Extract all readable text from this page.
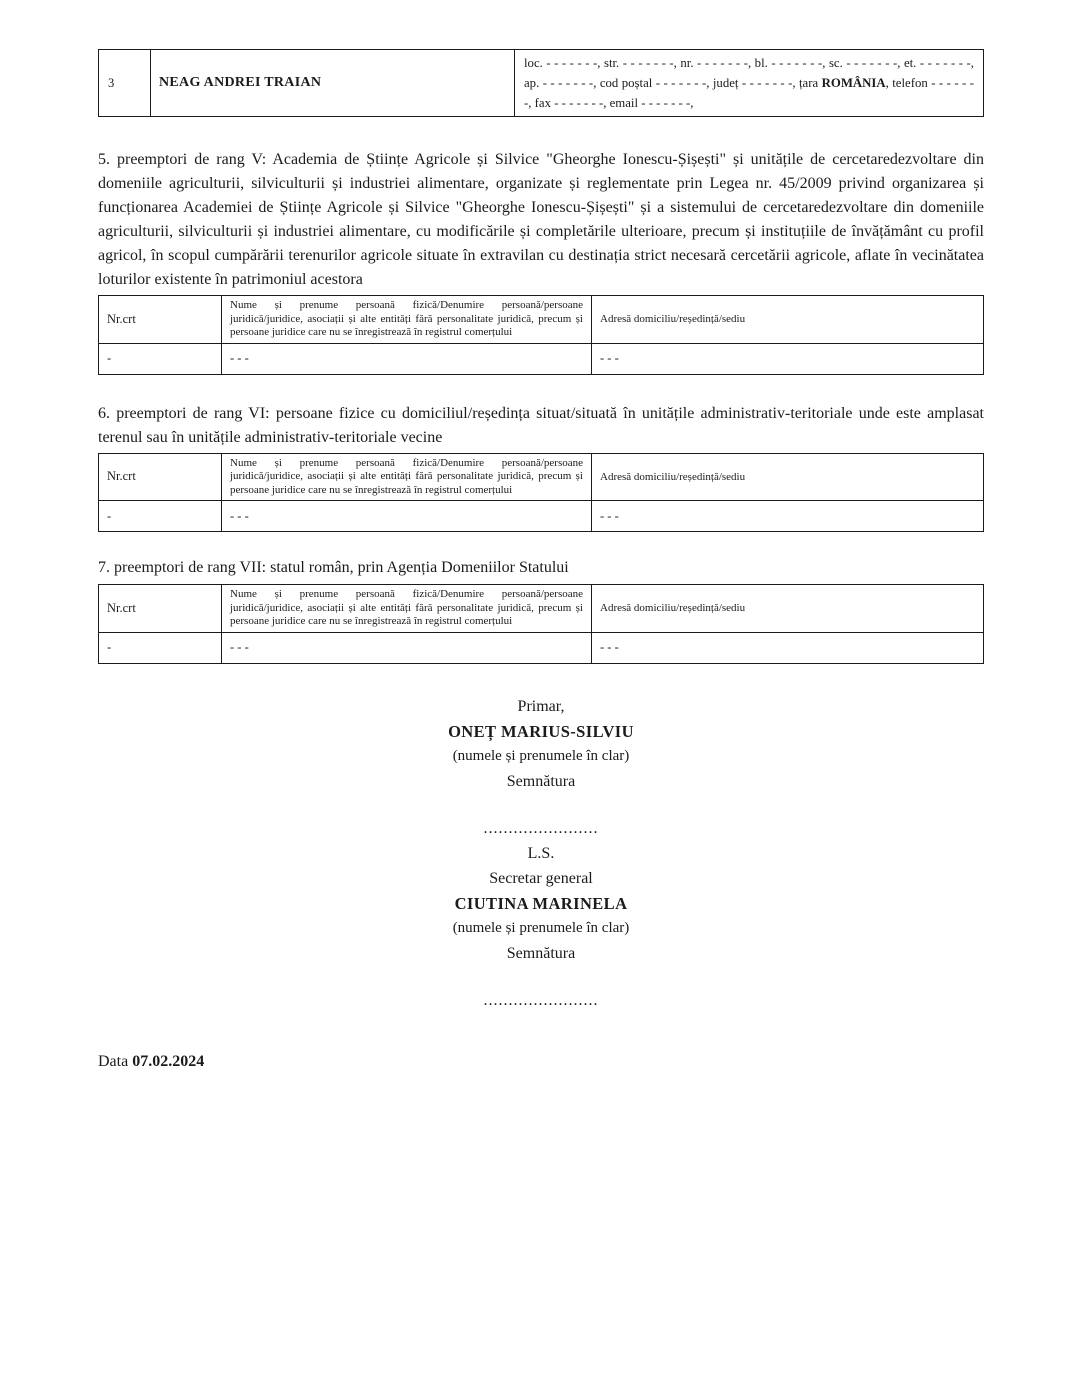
3	NEAG ANDREI TRAIAN	loc. - - - - - - -, str. - - - - - - -, nr. - - - - - - -, bl. - - - - - - -, sc. - - - - - - -, et. - - - - - - -, ap. - - - - - - -, cod poștal - - - - - - -, județ - - - - - - -, țara ROMÂNIA, telefon - - - - - - -, fax - - - - - - -, email - - - - - - -,

5. preemptori de rang V: Academia de Științe Agricole și Silvice "Gheorghe Ionescu-Șișești" și unitățile de cercetaredezvoltare din domeniile agriculturii, silviculturii și industriei alimentare, organizate și reglementate prin Legea nr. 45/2009 privind organizarea și funcționarea Academiei de Științe Agricole și Silvice "Gheorghe Ionescu-Șișești" și a sistemului de cercetaredezvoltare din domeniile agriculturii, silviculturii și industriei alimentare, cu modificările și completările ulterioare, precum și instituțiile de învățământ cu profil agricol, în scopul cumpărării terenurilor agricole situate în extravilan cu destinația strict necesară cercetării agricole, aflate în vecinătatea loturilor existente în patrimoniul acestora

Nr.crt	Nume și prenume persoană fizică/Denumire persoană/persoane juridică/juridice, asociații și alte entități fără personalitate juridică, precum și persoane juridice care nu se înregistrează în registrul comerțului	Adresă domiciliu/reședință/sediu
-	- - -	- - -

6. preemptori de rang VI: persoane fizice cu domiciliul/reședința situat/situată în unitățile administrativ-teritoriale unde este amplasat terenul sau în unitățile administrativ-teritoriale vecine

Nr.crt	Nume și prenume persoană fizică/Denumire persoană/persoane juridică/juridice, asociații și alte entități fără personalitate juridică, precum și persoane juridice care nu se înregistrează în registrul comerțului	Adresă domiciliu/reședință/sediu
-	- - -	- - -

7. preemptori de rang VII: statul român, prin Agenția Domeniilor Statului

Nr.crt	Nume și prenume persoană fizică/Denumire persoană/persoane juridică/juridice, asociații și alte entități fără personalitate juridică, precum și persoane juridice care nu se înregistrează în registrul comerțului	Adresă domiciliu/reședință/sediu
-	- - -	- - -
Primar,
ONEȚ MARIUS-SILVIU
(numele și prenumele în clar)
Semnătura
.......................
L.S.
Secretar general
CIUTINA MARINELA
(numele și prenumele în clar)
Semnătura
.......................

Data 07.02.2024
